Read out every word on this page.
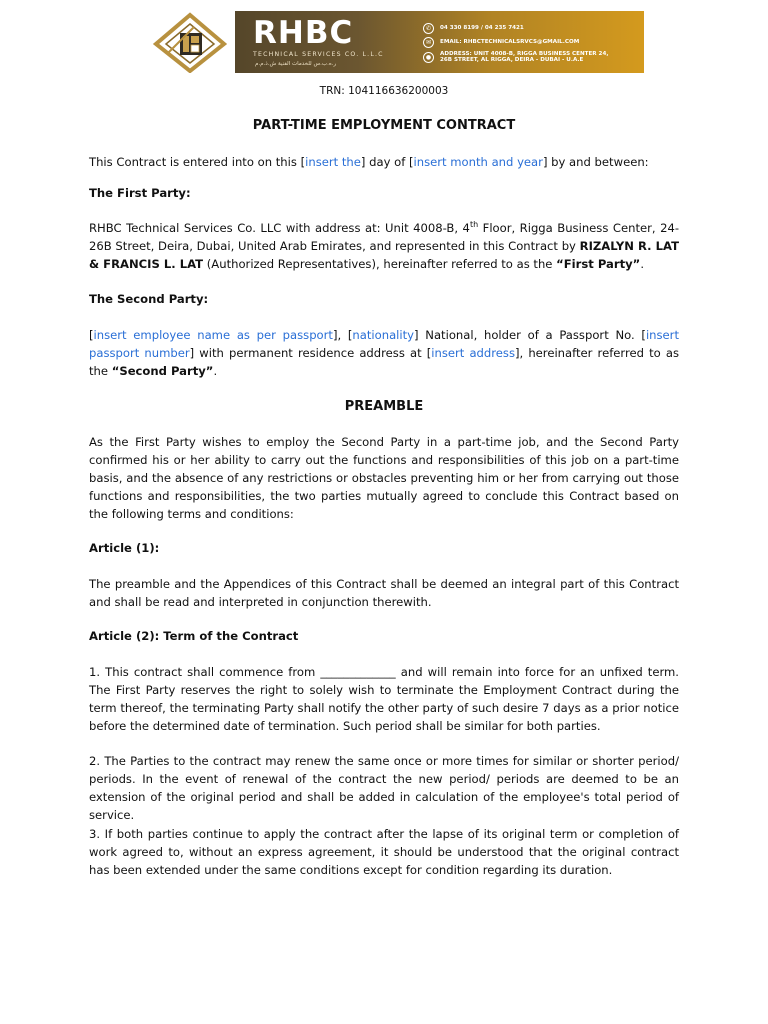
RHBC
TECHNICAL SERVICES CO. L.L.C
ر.ه.ب.س للخدمات الفنية ش.ذ.م.م
✆	04 330 8199 / 04 235 7421
✉	EMAIL: RHBCTECHNICALSRVCS@GMAIL.COM
●	ADDRESS: UNIT 4008-B, RIGGA BUSINESS CENTER 24,
26B STREET, AL RIGGA, DEIRA - DUBAI - U.A.E
TRN: 104116636200003
PART-TIME EMPLOYMENT CONTRACT

This Contract is entered into on this [insert the] day of [insert month and year] by and between:

The First Party:

RHBC Technical Services Co. LLC with address at: Unit 4008-B, 4th Floor, Rigga Business Center, 24-26B Street, Deira, Dubai, United Arab Emirates, and represented in this Contract by RIZALYN R. LAT & FRANCIS L. LAT (Authorized Representatives), hereinafter referred to as the “First Party”.

The Second Party:

[insert employee name as per passport], [nationality] National, holder of a Passport No. [insert passport number] with permanent residence address at [insert address], hereinafter referred to as the “Second Party”.

PREAMBLE

As the First Party wishes to employ the Second Party in a part-time job, and the Second Party confirmed his or her ability to carry out the functions and responsibilities of this job on a part-time basis, and the absence of any restrictions or obstacles preventing him or her from carrying out those functions and responsibilities, the two parties mutually agreed to conclude this Contract based on the following terms and conditions:

Article (1):

The preamble and the Appendices of this Contract shall be deemed an integral part of this Contract and shall be read and interpreted in conjunction therewith.

Article (2): Term of the Contract

1. This contract shall commence from _____________ and will remain into force for an unfixed term. The First Party reserves the right to solely wish to terminate the Employment Contract during the term thereof, the terminating Party shall notify the other party of such desire 7 days as a prior notice before the determined date of termination. Such period shall be similar for both parties.

2. The Parties to the contract may renew the same once or more times for similar or shorter period/ periods. In the event of renewal of the contract the new period/ periods are deemed to be an extension of the original period and shall be added in calculation of the employee's total period of service.

3. If both parties continue to apply the contract after the lapse of its original term or completion of work agreed to, without an express agreement, it should be understood that the original contract has been extended under the same conditions except for condition regarding its duration.
